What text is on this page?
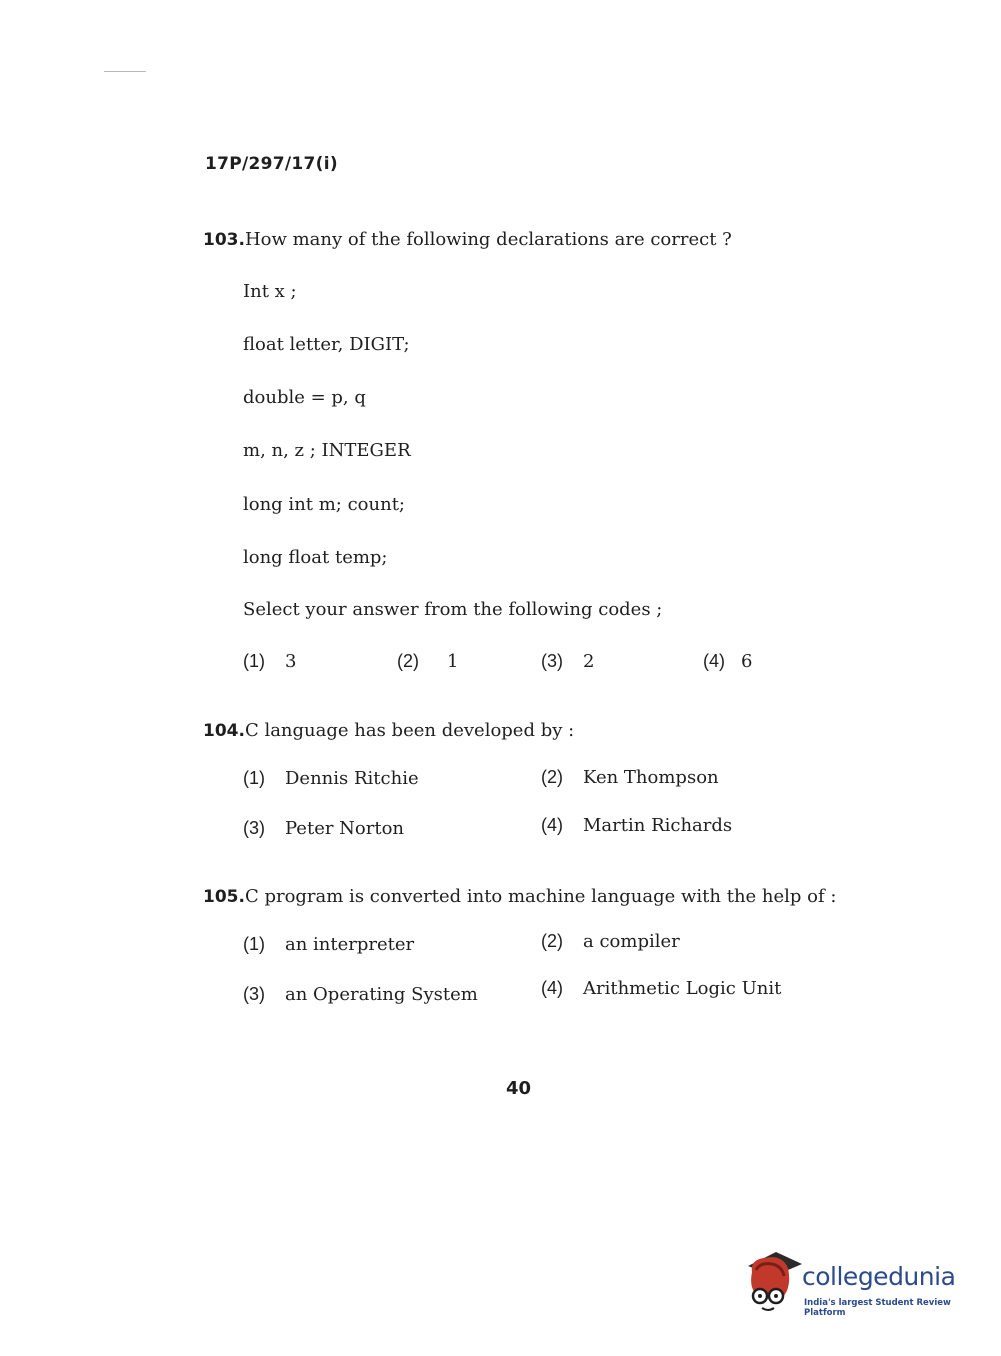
17P/297/17(i)
103.How many of the following declarations are correct ?
Int x ;
float letter, DIGIT;
double = p, q
m, n, z ; INTEGER
long int m; count;
long float temp;
Select your answer from the following codes ;
(1) 3	(2) 1	(3) 2	(4) 6
104.C language has been developed by :
(1) Dennis Ritchie	(2) Ken Thompson
(3) Peter Norton	(4) Martin Richards
105.C program is converted into machine language with the help of :
(1) an interpreter	(2) a compiler
(3) an Operating System	(4) Arithmetic Logic Unit
40
collegedunia
India's largest Student Review Platform
